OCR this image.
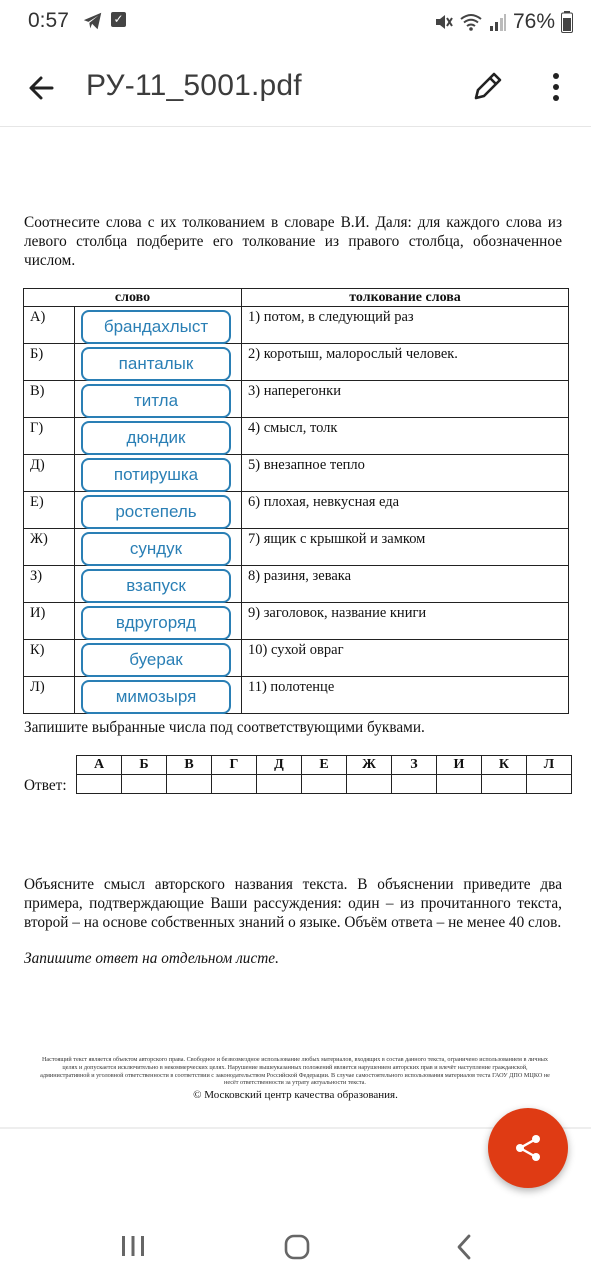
0:57	✓	76%
РУ-11_5001.pdf
Соотнесите слова с их толкованием в словаре В.И. Даля: для каждого слова из левого столбца подберите его толкование из правого столбца, обозначенное числом.
слово		толкование слова
А)	брандахлыст	1) потом, в следующий раз
Б)	панталык	2) коротыш, малорослый человек.
В)	титла	3) наперегонки
Г)	дюндик	4) смысл, толк
Д)	потирушка	5) внезапное тепло
Е)	ростепель	6) плохая, невкусная еда
Ж)	сундук	7) ящик с крышкой и замком
З)	взапуск	8) разиня, зевака
И)	вдругоряд	9) заголовок, название книги
К)	буерак	10) сухой овраг
Л)	мимозыря	11) полотенце
Запишите выбранные числа под соответствующими буквами.
Ответ:
А	Б	В	Г	Д	Е	Ж	З	И	К	Л

Объясните смысл авторского названия текста. В объяснении приведите два примера, подтверждающие Ваши рассуждения: один – из прочитанного текста, второй – на основе собственных знаний о языке. Объём ответа – не менее 40 слов.
Запишите ответ на отдельном листе.
Настоящий текст является объектом авторского права. Свободное и безвозмездное использование любых материалов, входящих в состав данного текста, ограничено использованием в личных целях и допускается исключительно в некоммерческих целях. Нарушение вышеуказанных положений является нарушением авторских прав и влечёт наступление гражданской, административной и уголовной ответственности в соответствии с законодательством Российской Федерации. В случае самостоятельного использования материалов теста ГАОУ ДПО МЦКО не несёт ответственности за утрату актуальности текста.
© Московский центр качества образования.
